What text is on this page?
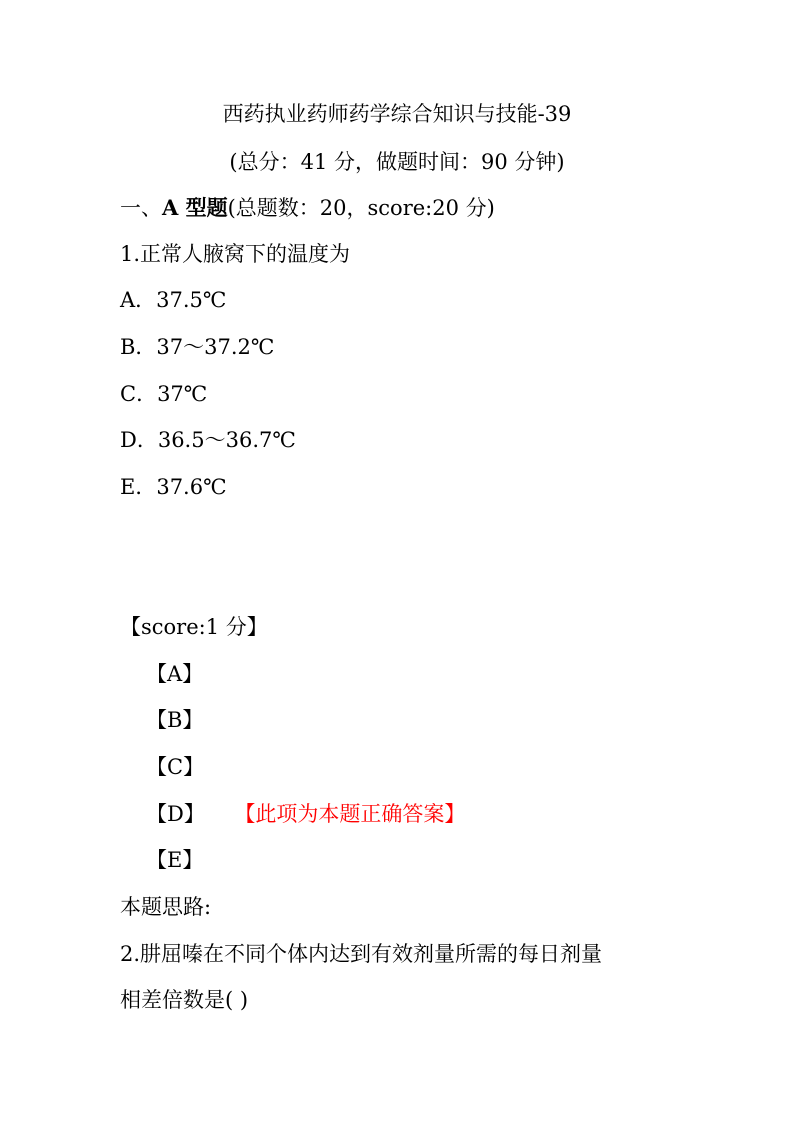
西药执业药师药学综合知识与技能-39
(总分：41 分，做题时间：90 分钟)
一、A 型题(总题数：20，score:20 分)
1.正常人腋窝下的温度为
A．37.5℃
B．37～37.2℃
C．37℃
D．36.5～36.7℃
E．37.6℃
【score:1 分】
【A】
【B】
【C】
【D】 【此项为本题正确答案】
【E】
本题思路:
2.肼屈嗪在不同个体内达到有效剂量所需的每日剂量
相差倍数是( )
